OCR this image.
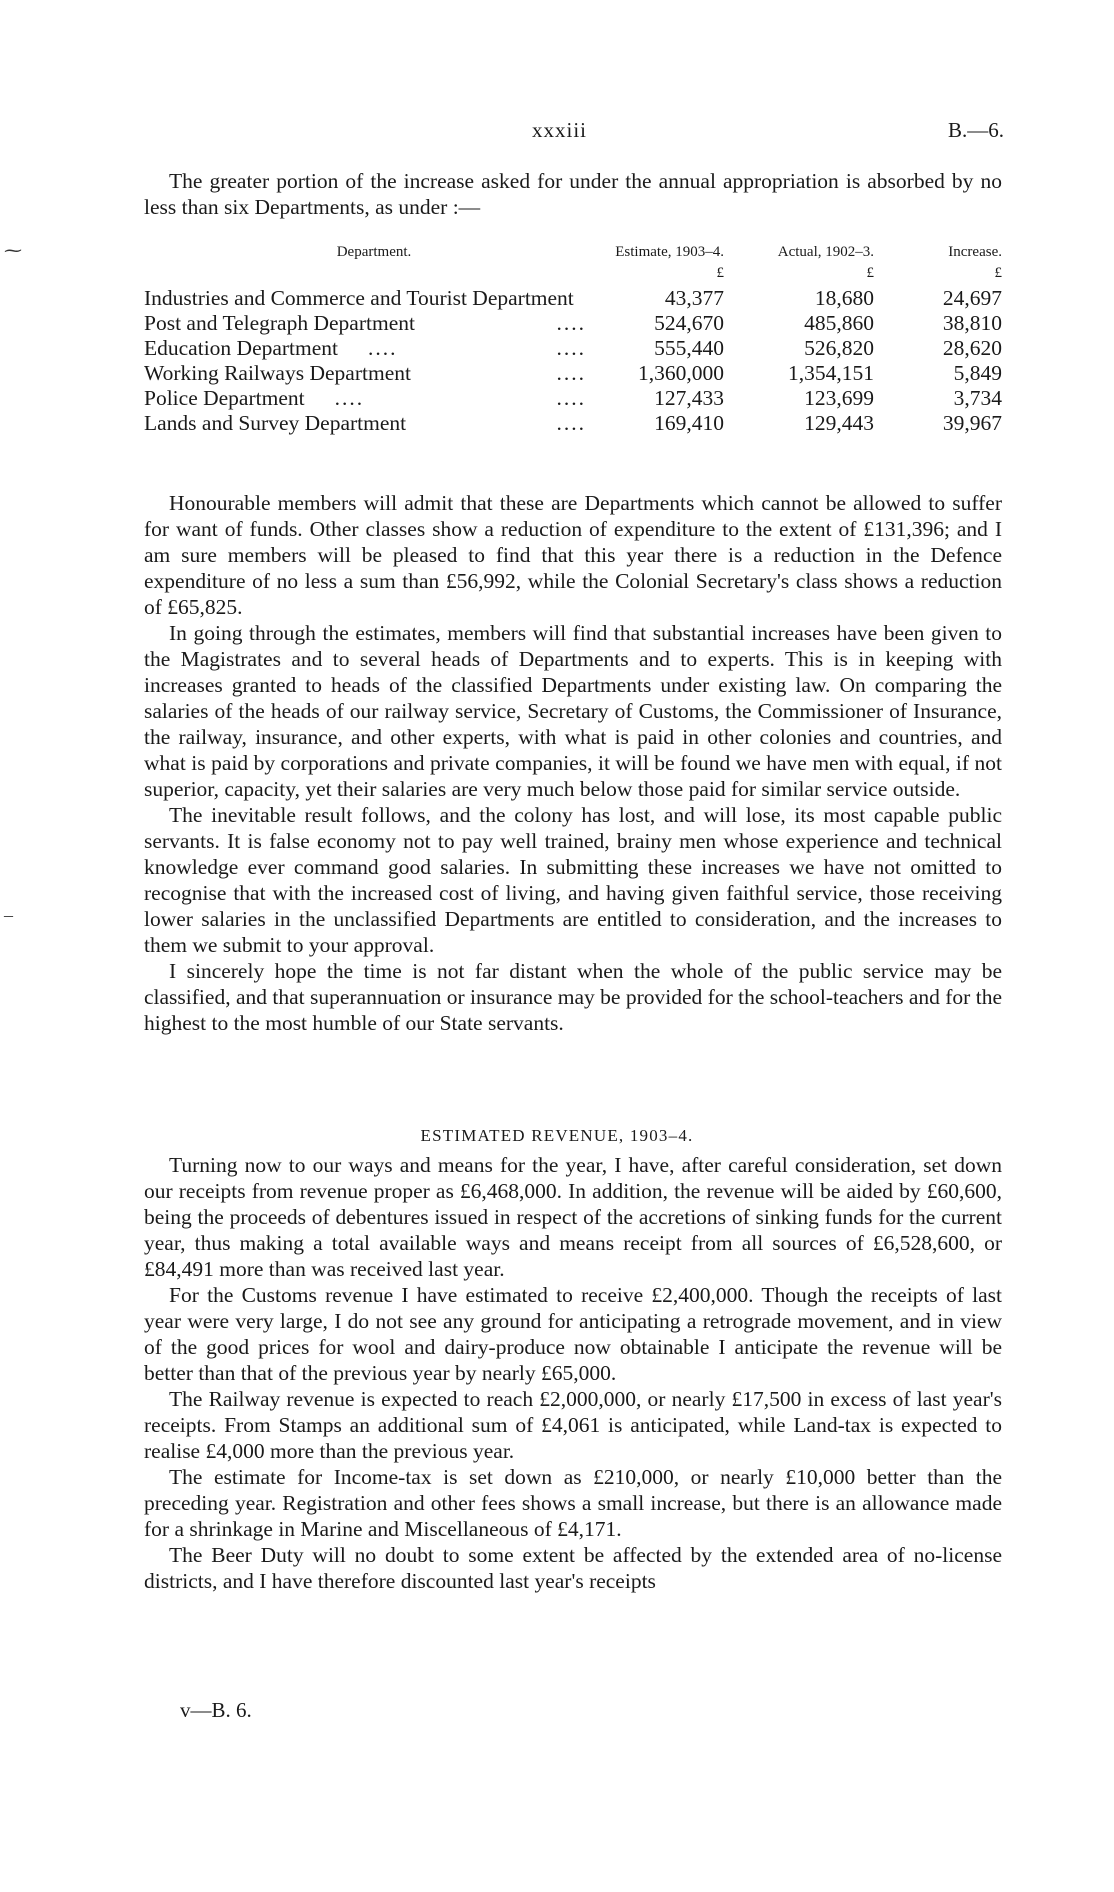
⁓
–
xxxiii	B.—6.

The greater portion of the increase asked for under the annual appropriation is absorbed by no less than six Departments, as under :—

Department.	Estimate, 1903–4.	Actual, 1902–3.	Increase.
	£	£	£
Industries and Commerce and Tourist Department	43,377	18,680	24,697
Post and Telegraph Department ....	524,670	485,860	38,810
Education Department .... ....	555,440	526,820	28,620
Working Railways Department ....	1,360,000	1,354,151	5,849
Police Department .... ....	127,433	123,699	3,734
Lands and Survey Department ....	169,410	129,443	39,967

Honourable members will admit that these are Departments which cannot be allowed to suffer for want of funds. Other classes show a reduction of expenditure to the extent of £131,396; and I am sure members will be pleased to find that this year there is a reduction in the Defence expenditure of no less a sum than £56,992, while the Colonial Secretary's class shows a reduction of £65,825.

In going through the estimates, members will find that substantial increases have been given to the Magistrates and to several heads of Departments and to experts. This is in keeping with increases granted to heads of the classified Departments under existing law. On comparing the salaries of the heads of our railway service, Secretary of Customs, the Commissioner of Insurance, the railway, insurance, and other experts, with what is paid in other colonies and countries, and what is paid by corporations and private companies, it will be found we have men with equal, if not superior, capacity, yet their salaries are very much below those paid for similar service outside.

The inevitable result follows, and the colony has lost, and will lose, its most capable public servants. It is false economy not to pay well trained, brainy men whose experience and technical knowledge ever command good salaries. In submitting these increases we have not omitted to recognise that with the increased cost of living, and having given faithful service, those receiving lower salaries in the unclassified Departments are entitled to consideration, and the increases to them we submit to your approval.

I sincerely hope the time is not far distant when the whole of the public service may be classified, and that superannuation or insurance may be provided for the school-teachers and for the highest to the most humble of our State servants.

ESTIMATED REVENUE, 1903–4.

Turning now to our ways and means for the year, I have, after careful consideration, set down our receipts from revenue proper as £6,468,000. In addition, the revenue will be aided by £60,600, being the proceeds of debentures issued in respect of the accretions of sinking funds for the current year, thus making a total available ways and means receipt from all sources of £6,528,600, or £84,491 more than was received last year.

For the Customs revenue I have estimated to receive £2,400,000. Though the receipts of last year were very large, I do not see any ground for anticipating a retrograde movement, and in view of the good prices for wool and dairy-produce now obtainable I anticipate the revenue will be better than that of the previous year by nearly £65,000.

The Railway revenue is expected to reach £2,000,000, or nearly £17,500 in excess of last year's receipts. From Stamps an additional sum of £4,061 is anticipated, while Land-tax is expected to realise £4,000 more than the previous year.

The estimate for Income-tax is set down as £210,000, or nearly £10,000 better than the preceding year. Registration and other fees shows a small increase, but there is an allowance made for a shrinkage in Marine and Miscellaneous of £4,171.

The Beer Duty will no doubt to some extent be affected by the extended area of no-license districts, and I have therefore discounted last year's receipts

v—B. 6.
